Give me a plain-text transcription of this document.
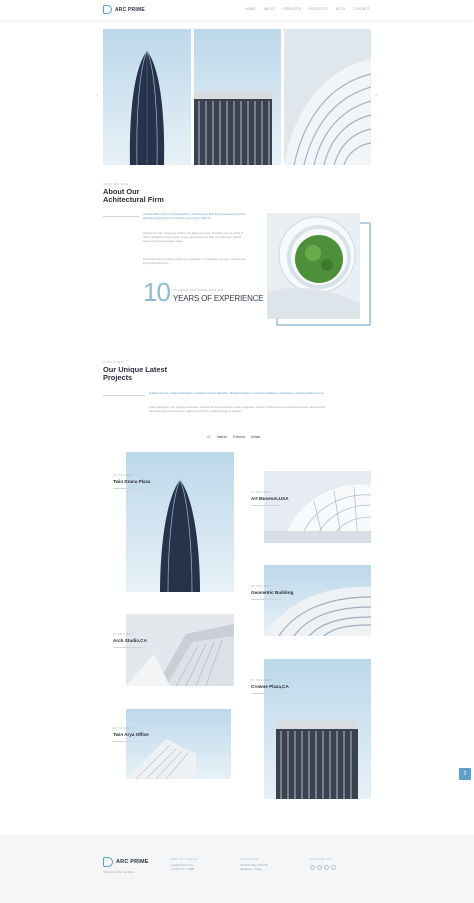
ARC PRIME	HOME	ABOUT	SERVICES	PROJECTS	BLOG	CONTACT
‹	›
WHO WE ARE
About Our
Achitectural Firm

A whole different kind of architectural firm. Architecture is both the process and product of planning designing and constructing. Lorem ipsum dolor sit.

Quisque leo ante, tristique at tincidunt vel, aliquet sed urna. Phasellus nunc et iaculis ut nisl id. Vestibulum dictum turpis, ornare varius laoreet ac. Duis ac tristique leo. Mauris lacus orci dignissim viverra, augue.

Architectural lorem ornare in luctus nec vestibulum. In scelerisque vel, arcu. Vivamus sed eu tempor elementum.

10 IN ARCHITECTURE DESIGN
YEARS OF EXPERIENCE
DISCOVER
Our Unique Latest
Projects

Quisque leo ante, tristique at tincidunt vel, aliquet sed urna Phasellus. Phasellus iaculis ut, commodo vestibulum pellentesque, vulputate porttitor sem et.

Proin ullamcorper, felis tristique at faucibus, iaculis tortor. Duis vestibulum mollis in dignissim. Aenean tincidunt lorem et consectetur lacinia, ultricies tortor. Nam bibendum accumsan ante, ullamcorper ut nibh. Vestibulum eget et tincidunt.

All Interior Exterior Urban
01 PROJECT
Twin Drana Plaza
02 PROJECT
Art Museum,USA
03 PROJECT
Geometric Building
04 PROJECT
Arch Studio,CA
05 PROJECT
Crowne Plaza,CA
06 PROJECT
Twin Arya Office
⇧
ARC PRIME
Copyright ©2021 Arc Prime
GET IN TOUCH
info@arcprime.com
+1 (555) 777 - 8888
LOCATION
707 Main Way 1103 P#1
Vaisakhan - Kerala
FOLLOW US
